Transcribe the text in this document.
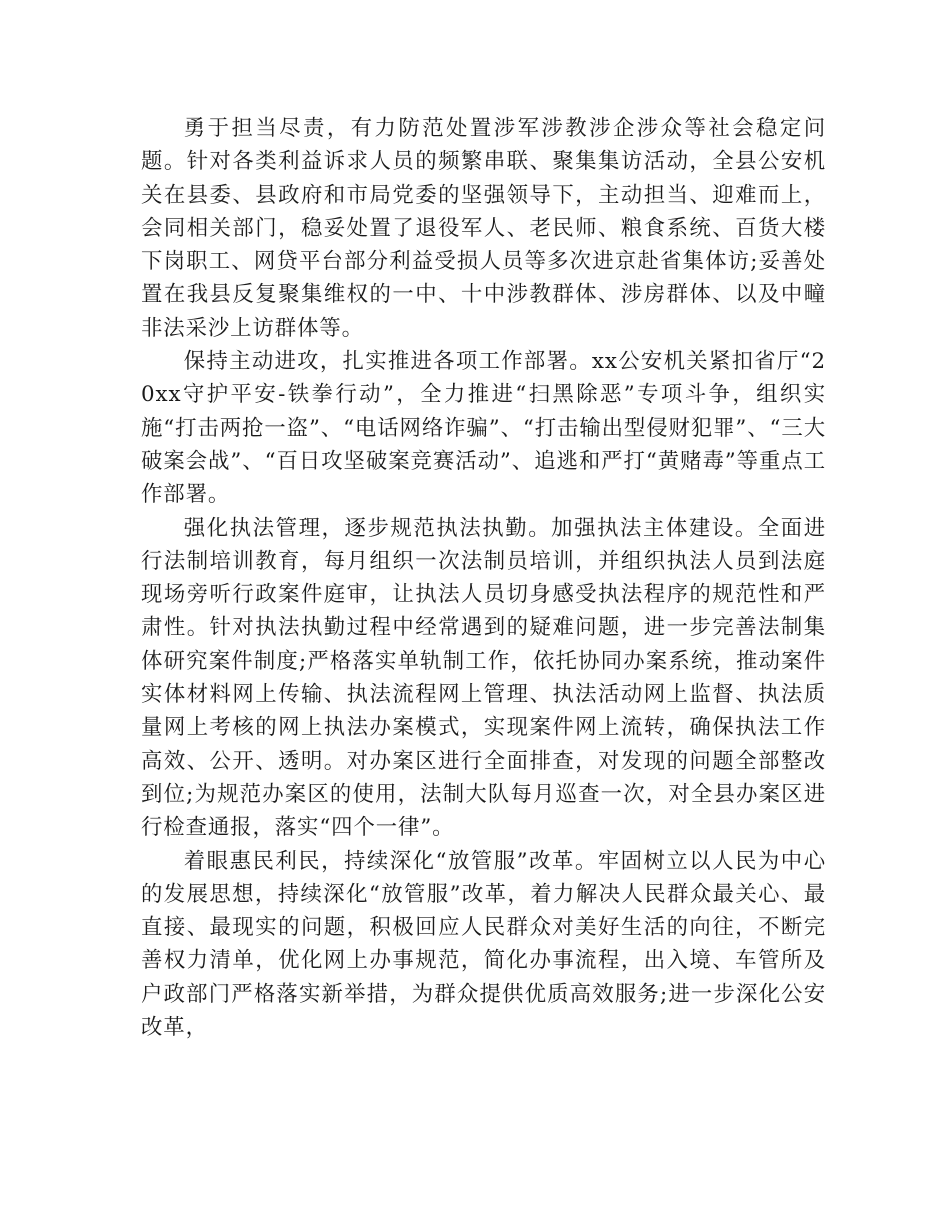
勇于担当尽责，有力防范处置涉军涉教涉企涉众等社会稳定问题。针对各类利益诉求人员的频繁串联、聚集集访活动，全县公安机关在县委、县政府和市局党委的坚强领导下，主动担当、迎难而上，会同相关部门，稳妥处置了退役军人、老民师、粮食系统、百货大楼下岗职工、网贷平台部分利益受损人员等多次进京赴省集体访;妥善处置在我县反复聚集维权的一中、十中涉教群体、涉房群体、以及中疃非法采沙上访群体等。

保持主动进攻，扎实推进各项工作部署。xx公安机关紧扣省厅“20xx守护平安-铁拳行动”，全力推进“扫黑除恶”专项斗争，组织实施“打击两抢一盗”、“电话网络诈骗”、“打击输出型侵财犯罪”、“三大破案会战”、“百日攻坚破案竞赛活动”、追逃和严打“黄赌毒”等重点工作部署。

强化执法管理，逐步规范执法执勤。加强执法主体建设。全面进行法制培训教育，每月组织一次法制员培训，并组织执法人员到法庭现场旁听行政案件庭审，让执法人员切身感受执法程序的规范性和严肃性。针对执法执勤过程中经常遇到的疑难问题，进一步完善法制集体研究案件制度;严格落实单轨制工作，依托协同办案系统，推动案件实体材料网上传输、执法流程网上管理、执法活动网上监督、执法质量网上考核的网上执法办案模式，实现案件网上流转，确保执法工作高效、公开、透明。对办案区进行全面排查，对发现的问题全部整改到位;为规范办案区的使用，法制大队每月巡查一次，对全县办案区进行检查通报，落实“四个一律”。

着眼惠民利民，持续深化“放管服”改革。牢固树立以人民为中心的发展思想，持续深化“放管服”改革，着力解决人民群众最关心、最直接、最现实的问题，积极回应人民群众对美好生活的向往，不断完善权力清单，优化网上办事规范，简化办事流程，出入境、车管所及户政部门严格落实新举措，为群众提供优质高效服务;进一步深化公安改革，
